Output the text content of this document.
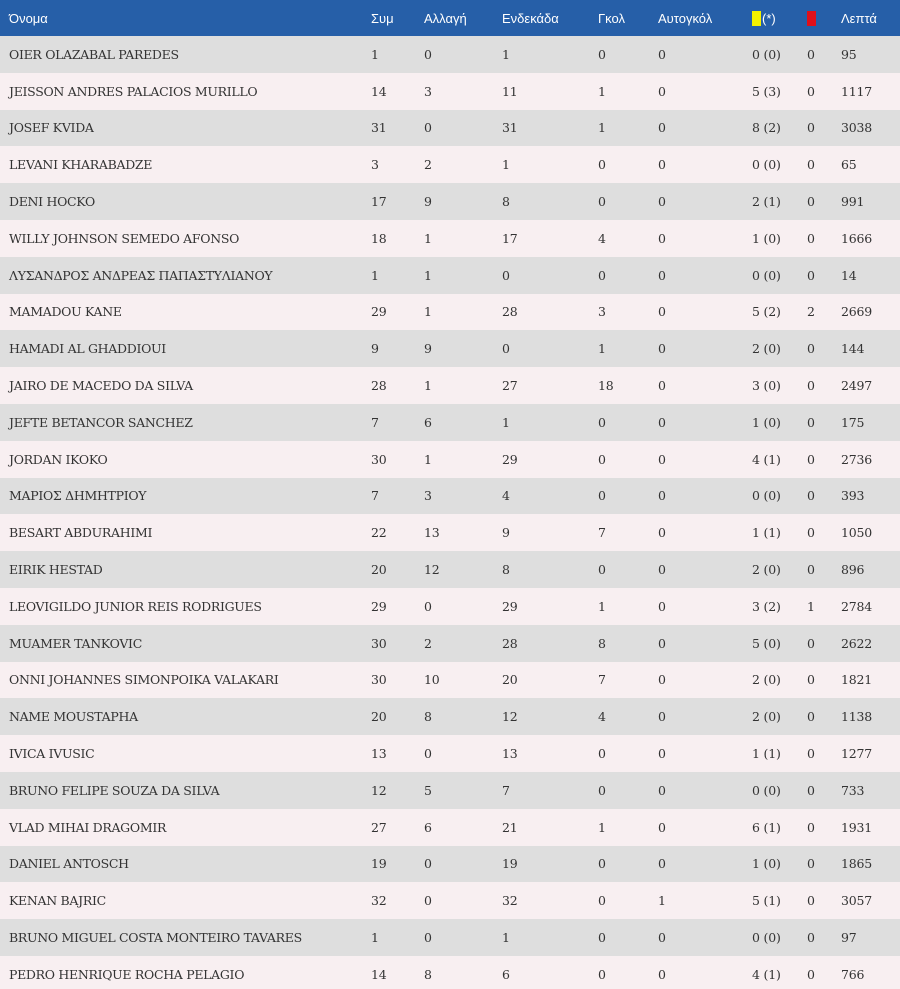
Όνομα	Συμ	Αλλαγή	Ενδεκάδα	Γκολ	Αυτογκόλ	(*)		Λεπτά
OIER OLAZABAL PAREDES	1	0	1	0	0	0 (0)	0	95
JEISSON ANDRES PALACIOS MURILLO	14	3	11	1	0	5 (3)	0	1117
JOSEF KVIDA	31	0	31	1	0	8 (2)	0	3038
LEVANI KHARABADZE	3	2	1	0	0	0 (0)	0	65
DENI HOCKO	17	9	8	0	0	2 (1)	0	991
WILLY JOHNSON SEMEDO AFONSO	18	1	17	4	0	1 (0)	0	1666
ΛΥΣΑΝΔΡΟΣ ΑΝΔΡΕΑΣ ΠΑΠΑΣΤΥΛΙΑΝΟΥ	1	1	0	0	0	0 (0)	0	14
MAMADOU KANE	29	1	28	3	0	5 (2)	2	2669
HAMADI AL GHADDIOUI	9	9	0	1	0	2 (0)	0	144
JAIRO DE MACEDO DA SILVA	28	1	27	18	0	3 (0)	0	2497
JEFTE BETANCOR SANCHEZ	7	6	1	0	0	1 (0)	0	175
JORDAN IKOKO	30	1	29	0	0	4 (1)	0	2736
ΜΑΡΙΟΣ ΔΗΜΗΤΡΙΟΥ	7	3	4	0	0	0 (0)	0	393
BESART ABDURAHIMI	22	13	9	7	0	1 (1)	0	1050
EIRIK HESTAD	20	12	8	0	0	2 (0)	0	896
LEOVIGILDO JUNIOR REIS RODRIGUES	29	0	29	1	0	3 (2)	1	2784
MUAMER TANKOVIC	30	2	28	8	0	5 (0)	0	2622
ONNI JOHANNES SIMONPOIKA VALAKARI	30	10	20	7	0	2 (0)	0	1821
NAME MOUSTAPHA	20	8	12	4	0	2 (0)	0	1138
IVICA IVUSIC	13	0	13	0	0	1 (1)	0	1277
BRUNO FELIPE SOUZA DA SILVA	12	5	7	0	0	0 (0)	0	733
VLAD MIHAI DRAGOMIR	27	6	21	1	0	6 (1)	0	1931
DANIEL ANTOSCH	19	0	19	0	0	1 (0)	0	1865
KENAN BAJRIC	32	0	32	0	1	5 (1)	0	3057
BRUNO MIGUEL COSTA MONTEIRO TAVARES	1	0	1	0	0	0 (0)	0	97
PEDRO HENRIQUE ROCHA PELAGIO	14	8	6	0	0	4 (1)	0	766
